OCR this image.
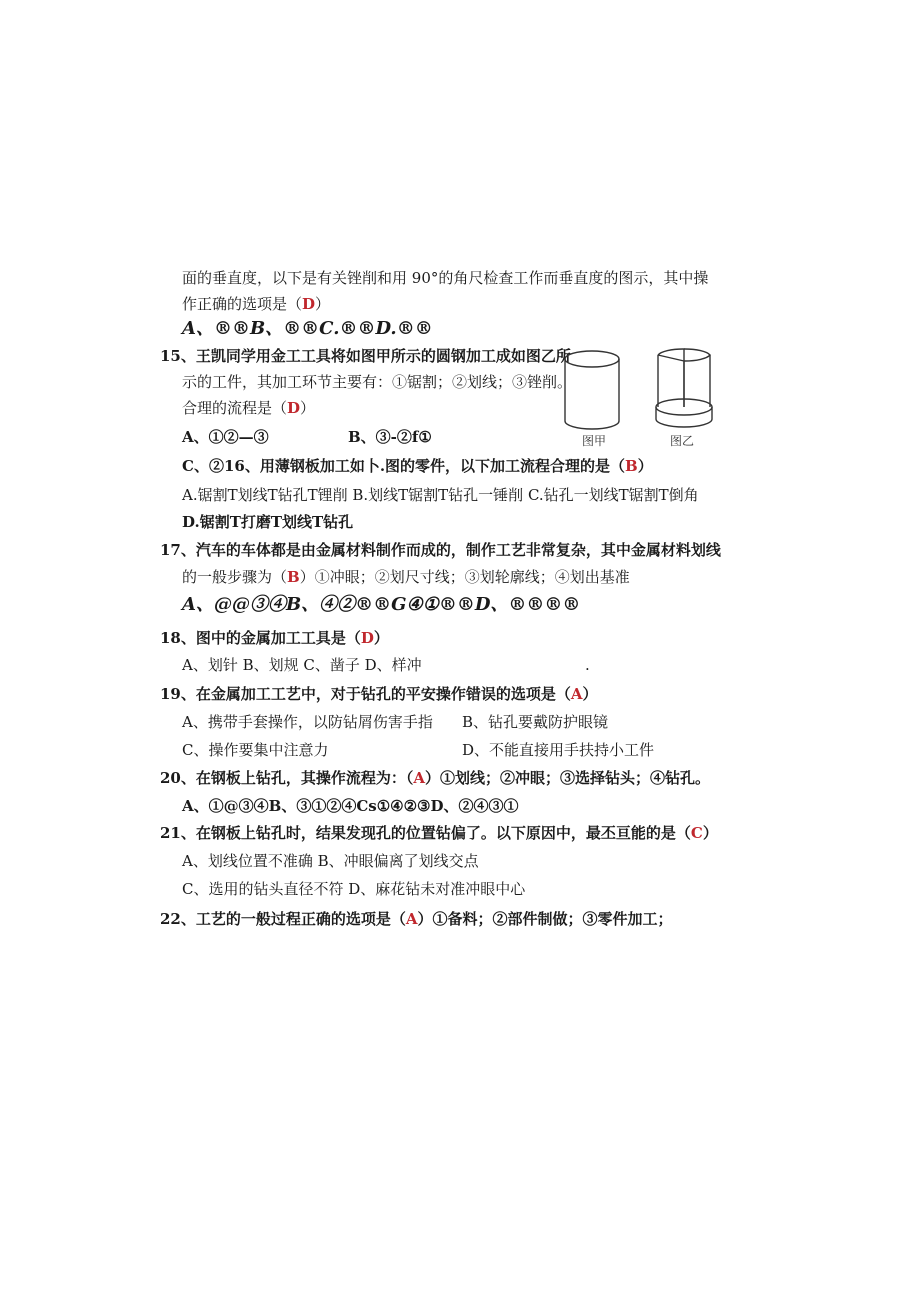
面的垂直度，以下是有关锉削和用 90°的角尺检查工作而垂直度的图示，其中操
作正确的选项是（D）
A、®®B、®®C.®®D.®®
15、王凯同学用金工工具将如图甲所示的圆钢加工成如图乙所
示的工件，其加工环节主要有：①锯割；②划线；③锉削。
合理的流程是（D）
A、①②—③	B、③-②f①	图甲	图乙
C、②16、用薄钢板加工如卜.图的零件，以下加工流程合理的是（B）
A.锯割T划线T钻孔T锂削 B.划线T锯割T钻孔一锤削 C.钻孔一划线T锯割T倒角
D.锯割T打磨T划线T钻孔
17、汽车的车体都是由金属材料制作而成的，制作工艺非常复杂，其中金属材料划线
的一般步骤为（B）①冲眼；②划尺寸线；③划轮廓线；④划出基准
A、@@③④B、④②®®G④①®®D、®®®®
18、图中的金属加工工具是（D）
A、划针 B、划规 C、凿子 D、样冲	.
19、在金属加工工艺中，对于钻孔的平安操作错误的选项是（A）
A、携带手套操作，以防钻屑伤害手指 B、钻孔要戴防护眼镜
C、操作要集中注意力	D、不能直接用手扶持小工件
20、在钢板上钻孔，其操作流程为：（A）①划线；②冲眼；③选择钻头；④钻孔。
A、①@③④B、③①②④Cs①④②③D、②④③①
21、在钢板上钻孔时，结果发现孔的位置钻偏了。以下原因中，最丕亘能的是（C）
A、划线位置不准确 B、冲眼偏离了划线交点
C、选用的钻头直径不符 D、麻花钻未对准冲眼中心
22、工艺的一般过程正确的选项是（A）①备料；②部件制做；③零件加工；
